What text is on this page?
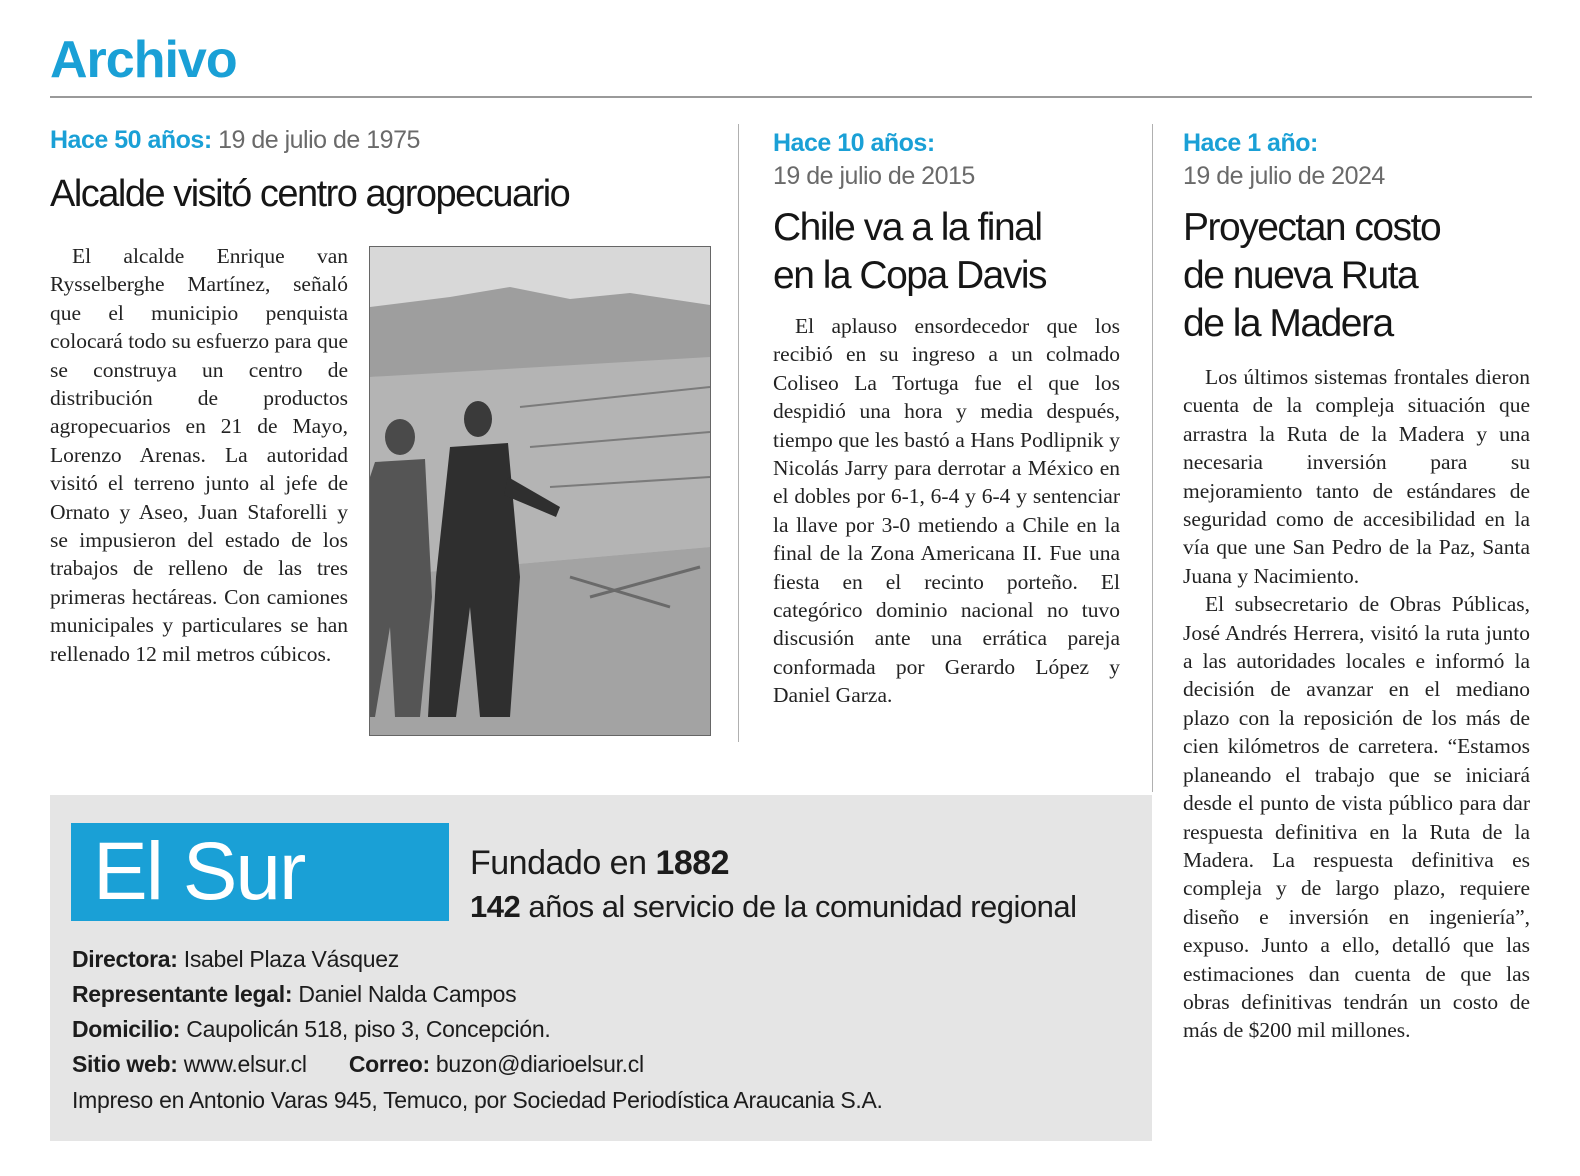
Archivo
Hace 50 años: 19 de julio de 1975
Alcalde visitó centro agropecuario

El alcalde Enrique van Rysselberghe Martínez, señaló que el municipio penquista colocará todo su esfuerzo para que se construya un centro de distribución de productos agropecuarios en 21 de Mayo, Lorenzo Arenas. La autoridad visitó el terreno junto al jefe de Ornato y Aseo, Juan Staforelli y se impusieron del estado de los trabajos de relleno de las tres primeras hectáreas. Con camiones municipales y particulares se han rellenado 12 mil metros cúbicos.

Hace 10 años:
19 de julio de 2015
Chile va a la final
en la Copa Davis

El aplauso ensordecedor que los recibió en su ingreso a un colmado Coliseo La Tortuga fue el que los despidió una hora y media después, tiempo que les bastó a Hans Podlipnik y Nicolás Jarry para derrotar a México en el dobles por 6-1, 6-4 y 6-4 y sentenciar la llave por 3-0 metiendo a Chile en la final de la Zona Americana II. Fue una fiesta en el recinto porteño. El categórico dominio nacional no tuvo discusión ante una errática pareja conformada por Gerardo López y Daniel Garza.

Hace 1 año:
19 de julio de 2024
Proyectan costo
de nueva Ruta
de la Madera

Los últimos sistemas frontales dieron cuenta de la compleja situación que arrastra la Ruta de la Madera y una necesaria inversión para su mejoramiento tanto de estándares de seguridad como de accesibilidad en la vía que une San Pedro de la Paz, Santa Juana y Nacimiento.

El subsecretario de Obras Públicas, José Andrés Herrera, visitó la ruta junto a las autoridades locales e informó la decisión de avanzar en el mediano plazo con la reposición de los más de cien kilómetros de carretera. “Estamos planeando el trabajo que se iniciará desde el punto de vista público para dar respuesta definitiva en la Ruta de la Madera. La respuesta definitiva es compleja y de largo plazo, requiere diseño e inversión en ingeniería”, expuso. Junto a ello, detalló que las estimaciones dan cuenta de que las obras definitivas tendrán un costo de más de $200 mil millones.

El Sur	Fundado en 1882
142 años al servicio de la comunidad regional
Directora: Isabel Plaza Vásquez
Representante legal: Daniel Nalda Campos
Domicilio: Caupolicán 518, piso 3, Concepción.
Sitio web: www.elsur.cl Correo: buzon@diarioelsur.cl
Impreso en Antonio Varas 945, Temuco, por Sociedad Periodística Araucania S.A.
